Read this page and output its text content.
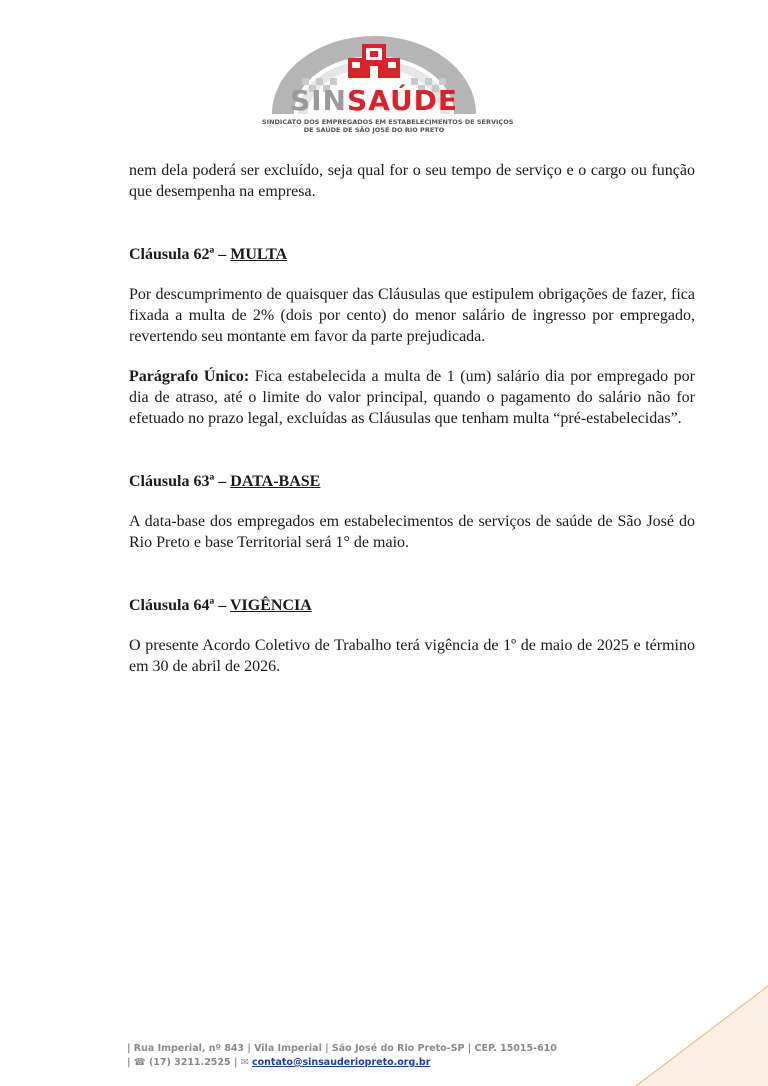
SINSAÚDE
SINDICATO DOS EMPREGADOS EM ESTABELECIMENTOS DE SERVIÇOS
DE SAÚDE DE SÃO JOSÉ DO RIO PRETO

nem dela poderá ser excluído, seja qual for o seu tempo de serviço e o cargo ou função que desempenha na empresa.

Cláusula 62ª – MULTA

Por descumprimento de quaisquer das Cláusulas que estipulem obrigações de fazer, fica fixada a multa de 2% (dois por cento) do menor salário de ingresso por empregado, revertendo seu montante em favor da parte prejudicada.

Parágrafo Único: Fica estabelecida a multa de 1 (um) salário dia por empregado por dia de atraso, até o limite do valor principal, quando o pagamento do salário não for efetuado no prazo legal, excluídas as Cláusulas que tenham multa “pré-estabelecidas”.

Cláusula 63ª – DATA-BASE

A data-base dos empregados em estabelecimentos de serviços de saúde de São José do Rio Preto e base Territorial será 1° de maio.

Cláusula 64ª – VIGÊNCIA

O presente Acordo Coletivo de Trabalho terá vigência de 1º de maio de 2025 e término em 30 de abril de 2026.

| Rua Imperial, nº 843 | Vila Imperial | São José do Rio Preto-SP | CEP. 15015-610
| ☎ (17) 3211.2525 | ✉ contato@sinsauderiopreto.org.br
